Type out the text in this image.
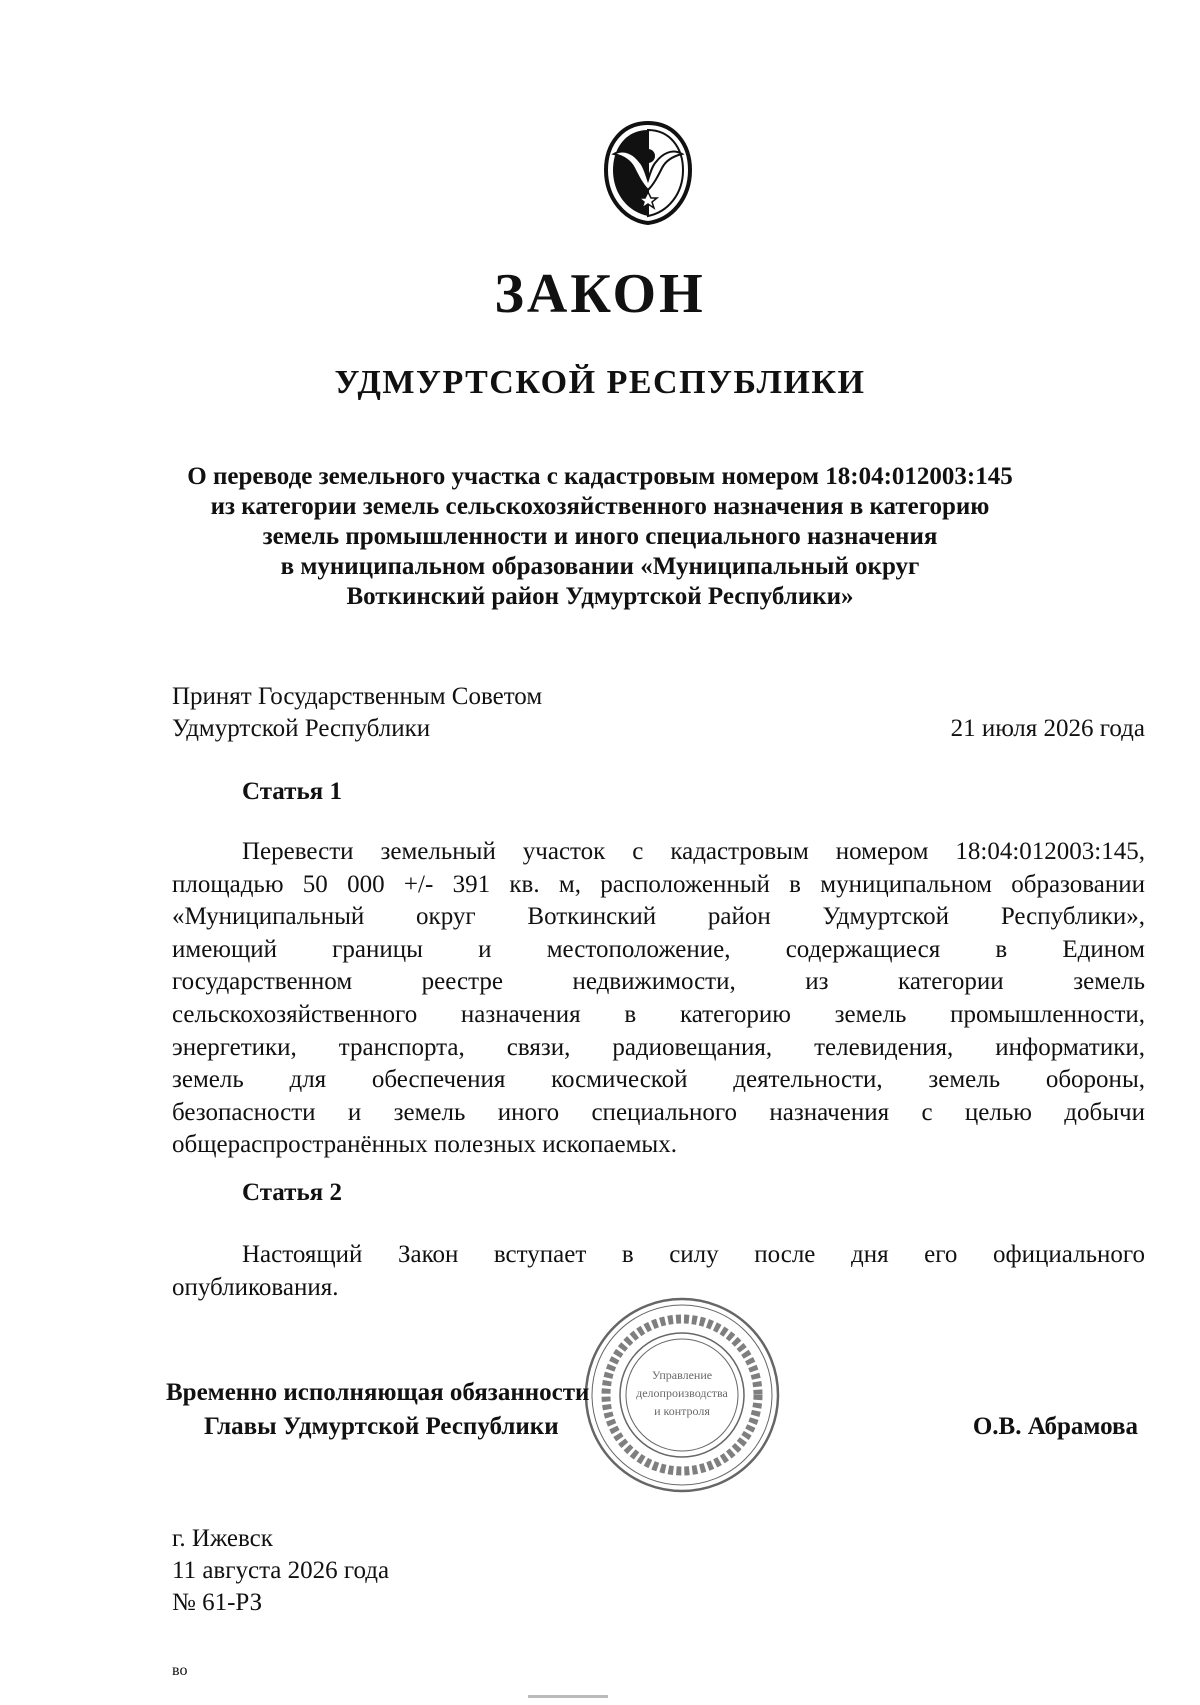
ЗАКОН
УДМУРТСКОЙ РЕСПУБЛИКИ
О переводе земельного участка с кадастровым номером 18:04:012003:145
из категории земель сельскохозяйственного назначения в категорию
земель промышленности и иного специального назначения
в муниципальном образовании «Муниципальный округ
Воткинский район Удмуртской Республики»
Принят Государственным Советом
Удмуртской Республики	21 июля 2026 года
Статья 1
Перевести земельный участок с кадастровым номером 18:04:012003:145,
площадью 50 000 +/- 391 кв. м, расположенный в муниципальном образовании
«Муниципальный округ Воткинский район Удмуртской Республики»,
имеющий границы и местоположение, содержащиеся в Едином
государственном реестре недвижимости, из категории земель
сельскохозяйственного назначения в категорию земель промышленности,
энергетики, транспорта, связи, радиовещания, телевидения, информатики,
земель для обеспечения космической деятельности, земель обороны,
безопасности и земель иного специального назначения с целью добычи
общераспространённых полезных ископаемых.
Статья 2
Настоящий Закон вступает в силу после дня его официального
опубликования.
Управление
делопроизводства
и контроля
Временно исполняющая обязанности
Главы Удмуртской Республики	О.В. Абрамова
г. Ижевск
11 августа 2026 года
№ 61-РЗ
во
